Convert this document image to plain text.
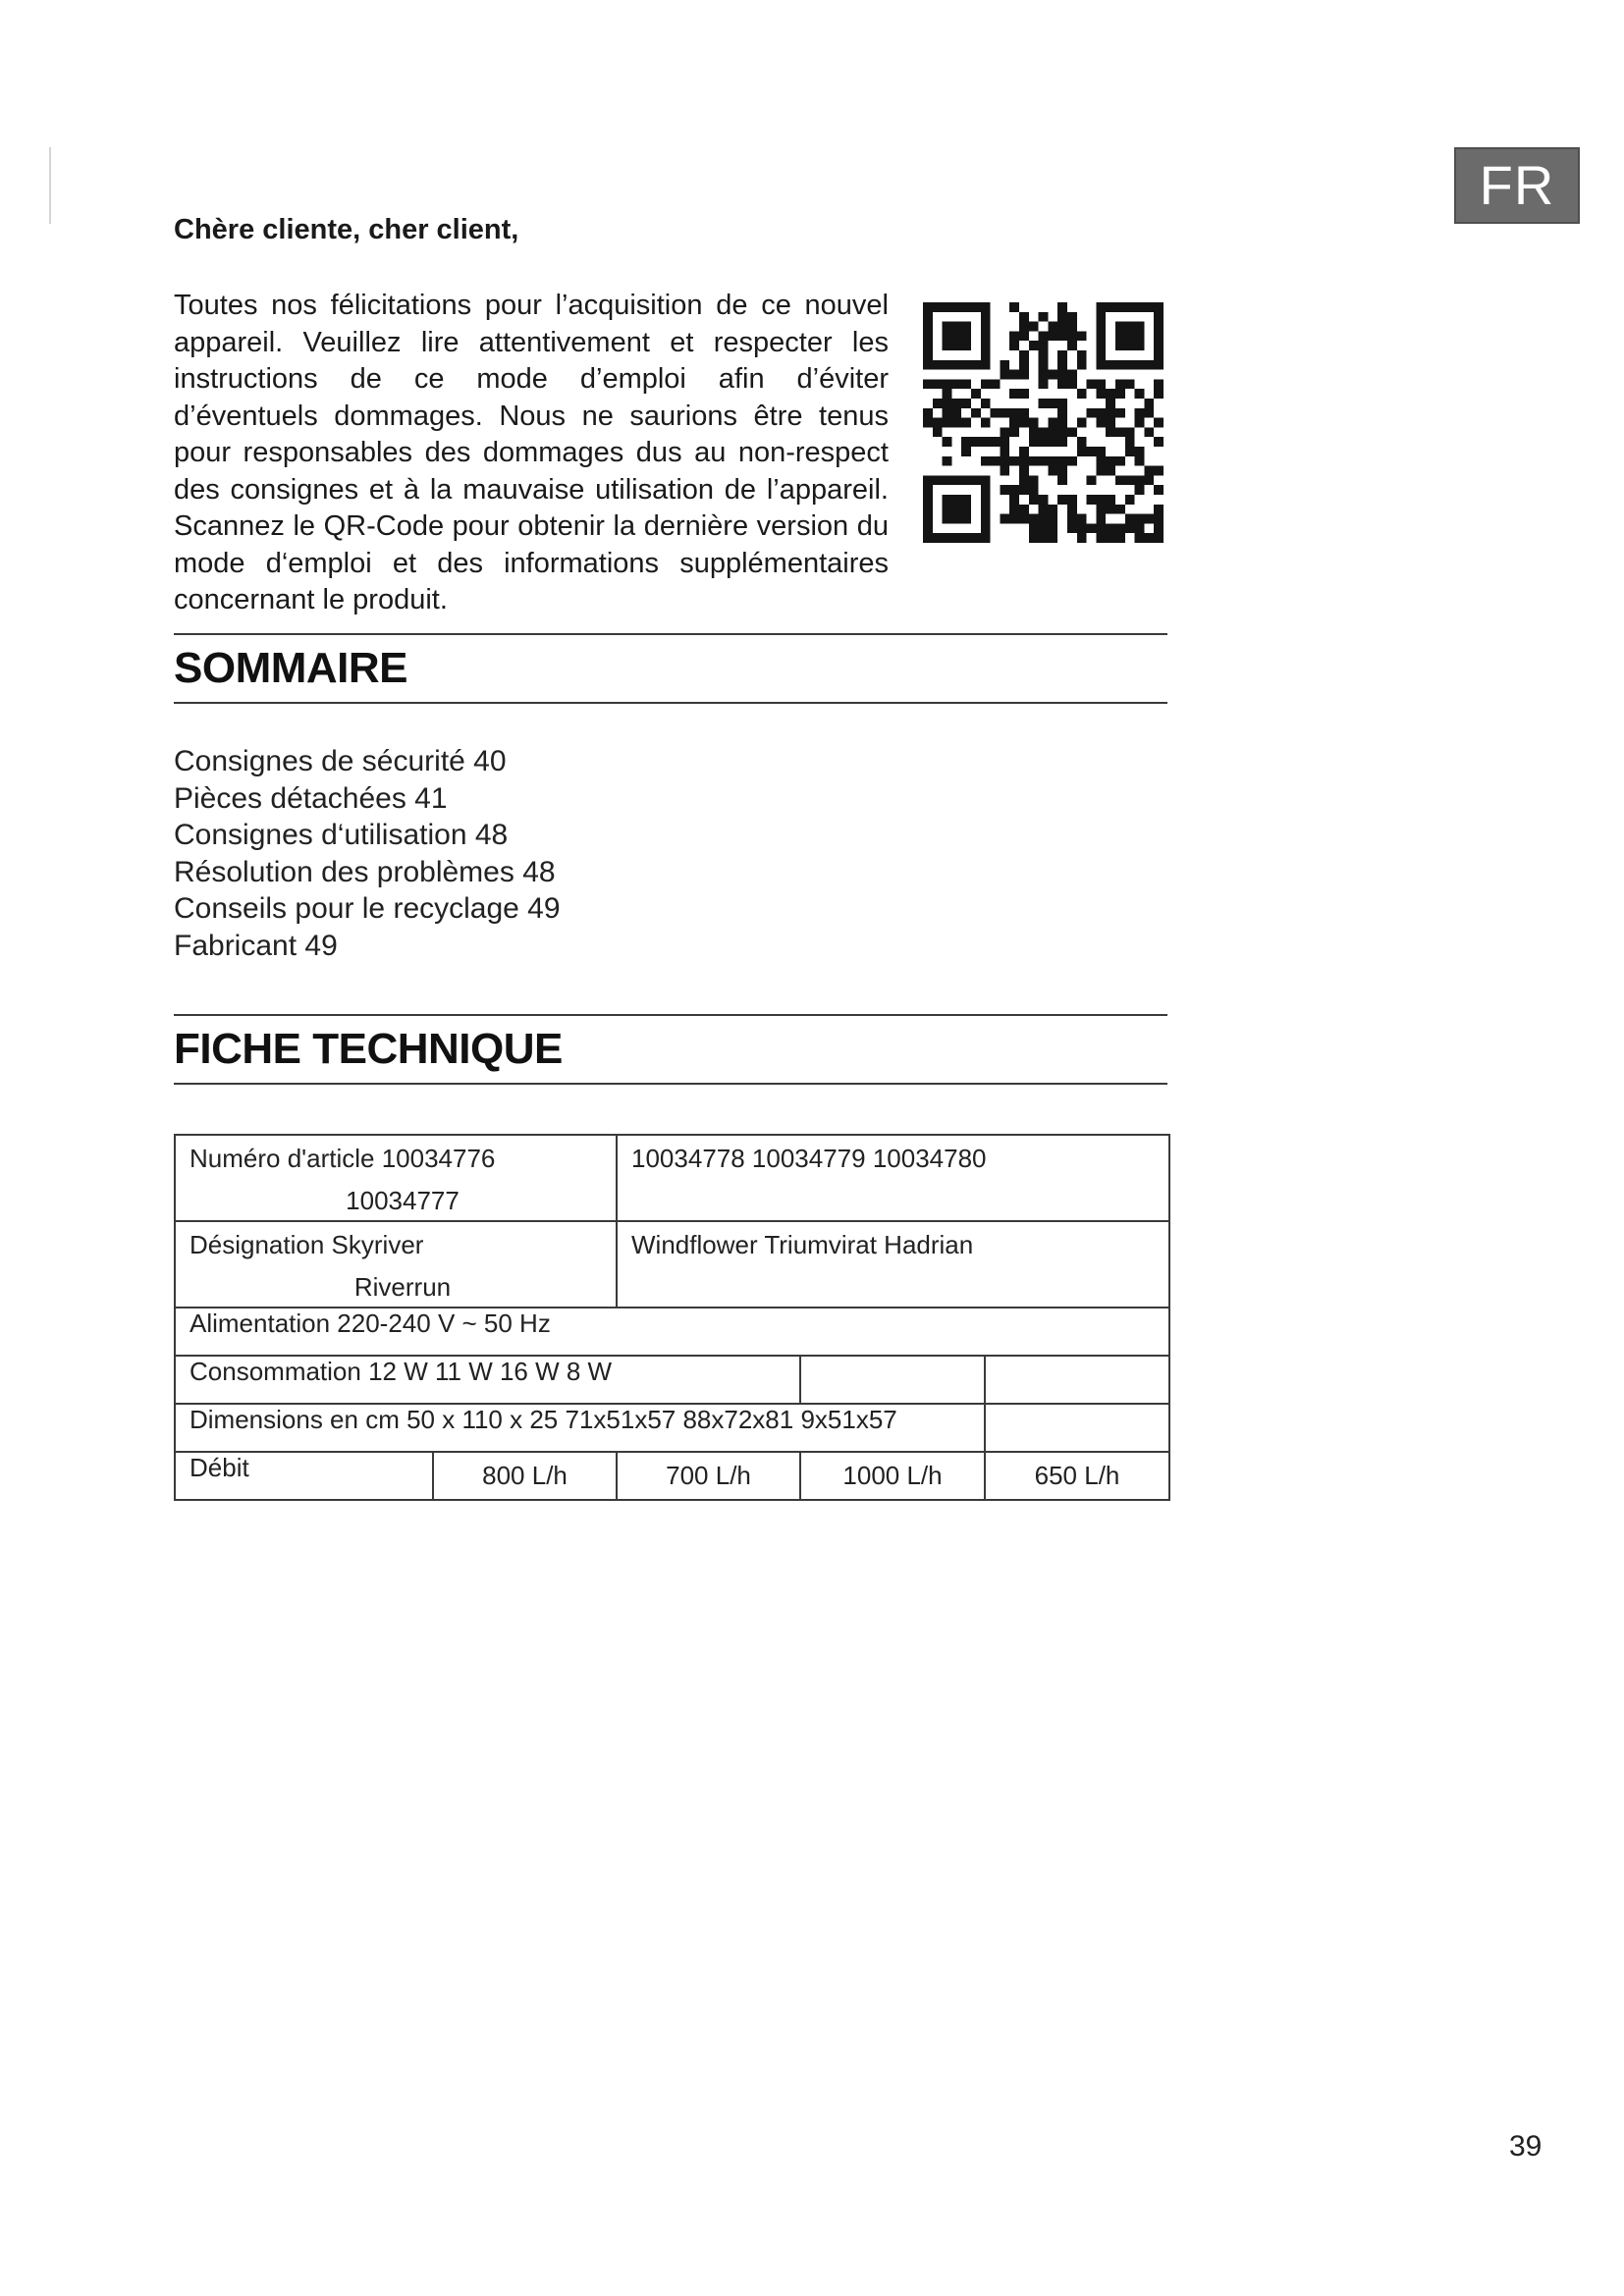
FR

Chère cliente, cher client,

Toutes nos félicitations pour l’acquisition de ce nouvel appareil. Veuillez lire attentivement et respecter les instructions de ce mode d’emploi afin d’éviter d’éventuels dommages. Nous ne saurions être tenus pour responsables des dommages dus au non-respect des consignes et à la mauvaise utilisation de l’appareil. Scannez le QR-Code pour obtenir la dernière version du mode d‘emploi et des informations supplémentaires concernant le produit.

SOMMAIRE
Consignes de sécurité 40
Pièces détachées 41
Consignes d‘utilisation 48
Résolution des problèmes 48
Conseils pour le recyclage 49
Fabricant 49
FICHE TECHNIQUE
Numéro d'article 10034776
10034777		10034778 10034779 10034780		

Désignation Skyriver
Riverrun		Windflower Triumvirat Hadrian		

Alimentation 220-240 V ~ 50 Hz				
Consommation 12 W 11 W 16 W 8 W				
Dimensions en cm 50 x 110 x 25 71x51x57 88x72x81 9x51x57				
Débit	800 L/h	700 L/h	1000 L/h	650 L/h
39
